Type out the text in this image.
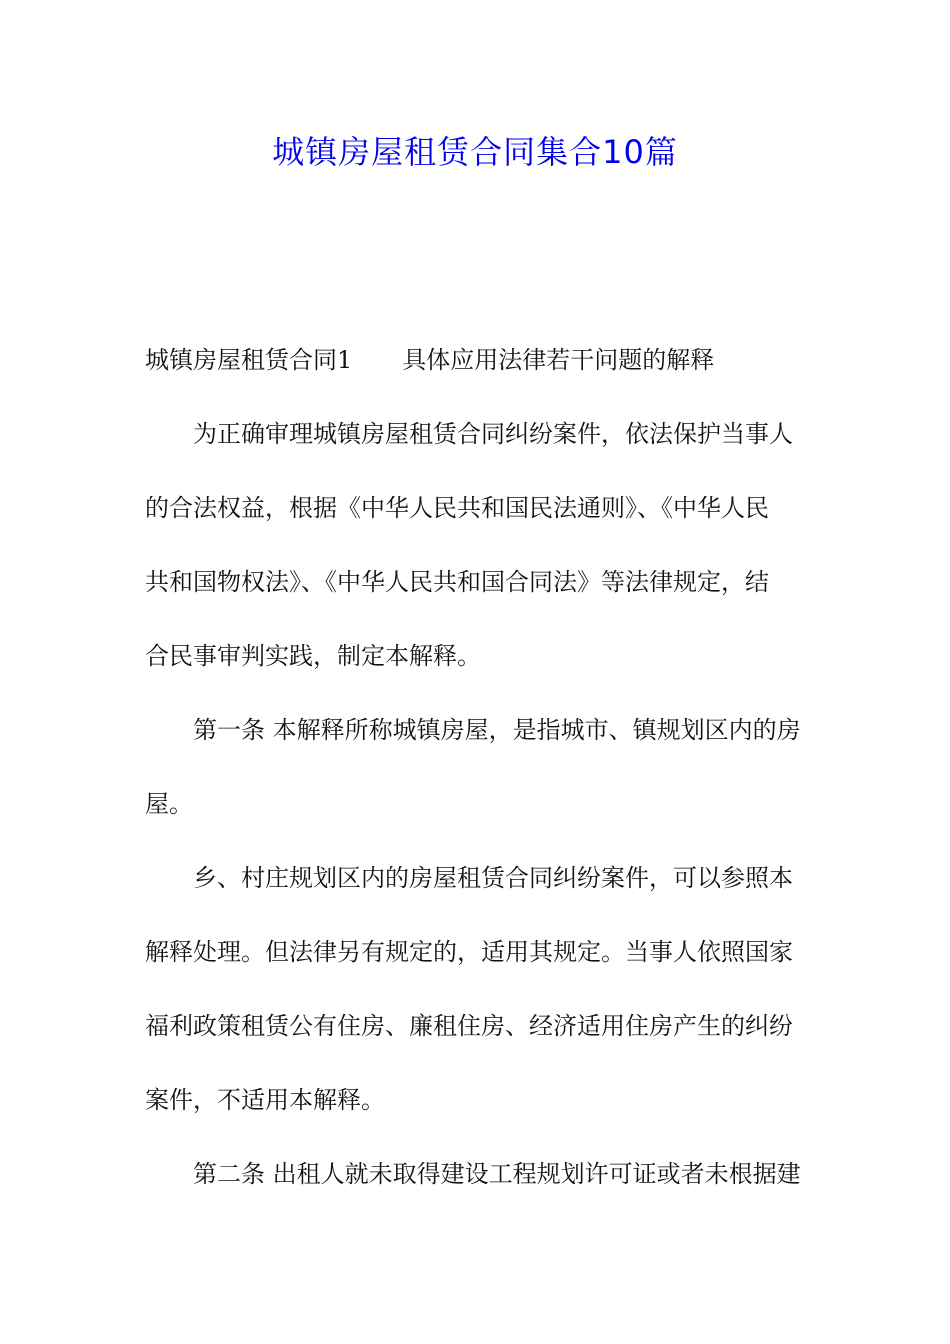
城镇房屋租赁合同集合10篇
城镇房屋租赁合同1 具体应用法律若干问题的解释
为正确审理城镇房屋租赁合同纠纷案件，依法保护当事人
的合法权益，根据《中华人民共和国民法通则》、《中华人民
共和国物权法》、《中华人民共和国合同法》等法律规定，结
合民事审判实践，制定本解释。
第一条 本解释所称城镇房屋，是指城市、镇规划区内的房
屋。
乡、村庄规划区内的房屋租赁合同纠纷案件，可以参照本
解释处理。但法律另有规定的，适用其规定。当事人依照国家
福利政策租赁公有住房、廉租住房、经济适用住房产生的纠纷
案件，不适用本解释。
第二条 出租人就未取得建设工程规划许可证或者未根据建
